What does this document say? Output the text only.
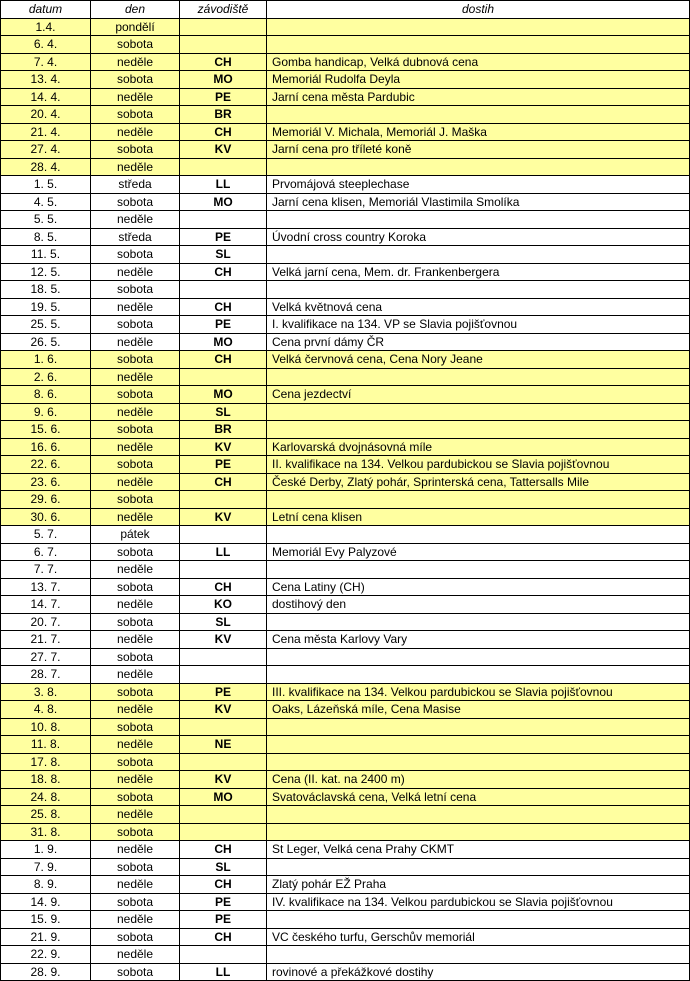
datum	den	závodiště	dostih
1.4.	pondělí		
6. 4.	sobota		
7. 4.	neděle	CH	Gomba handicap, Velká dubnová cena
13. 4.	sobota	MO	Memoriál Rudolfa Deyla
14. 4.	neděle	PE	Jarní cena města Pardubic
20. 4.	sobota	BR	
21. 4.	neděle	CH	Memoriál V. Michala, Memoriál J. Maška
27. 4.	sobota	KV	Jarní cena pro tříleté koně
28. 4.	neděle		
1. 5.	středa	LL	Prvomájová steeplechase
4. 5.	sobota	MO	Jarní cena klisen, Memoriál Vlastimila Smolíka
5. 5.	neděle		
8. 5.	středa	PE	Úvodní cross country Koroka
11. 5.	sobota	SL	
12. 5.	neděle	CH	Velká jarní cena, Mem. dr. Frankenbergera
18. 5.	sobota		
19. 5.	neděle	CH	Velká květnová cena
25. 5.	sobota	PE	I. kvalifikace na 134. VP se Slavia pojišťovnou
26. 5.	neděle	MO	Cena první dámy ČR
1. 6.	sobota	CH	Velká červnová cena, Cena Nory Jeane
2. 6.	neděle		
8. 6.	sobota	MO	Cena jezdectví
9. 6.	neděle	SL	
15. 6.	sobota	BR	
16. 6.	neděle	KV	Karlovarská dvojnásovná míle
22. 6.	sobota	PE	II. kvalifikace na 134. Velkou pardubickou se Slavia pojišťovnou
23. 6.	neděle	CH	České Derby, Zlatý pohár, Sprinterská cena, Tattersalls Mile
29. 6.	sobota		
30. 6.	neděle	KV	Letní cena klisen
5. 7.	pátek		
6. 7.	sobota	LL	Memoriál Evy Palyzové
7. 7.	neděle		
13. 7.	sobota	CH	Cena Latiny (CH)
14. 7.	neděle	KO	dostihový den
20. 7.	sobota	SL	
21. 7.	neděle	KV	Cena města Karlovy Vary
27. 7.	sobota		
28. 7.	neděle		
3. 8.	sobota	PE	III. kvalifikace na 134. Velkou pardubickou se Slavia pojišťovnou
4. 8.	neděle	KV	Oaks, Lázeňská míle, Cena Masise
10. 8.	sobota		
11. 8.	neděle	NE	
17. 8.	sobota		
18. 8.	neděle	KV	Cena (II. kat. na 2400 m)
24. 8.	sobota	MO	Svatováclavská cena, Velká letní cena
25. 8.	neděle		
31. 8.	sobota		
1. 9.	neděle	CH	St Leger, Velká cena Prahy CKMT
7. 9.	sobota	SL	
8. 9.	neděle	CH	Zlatý pohár EŽ Praha
14. 9.	sobota	PE	IV. kvalifikace na 134. Velkou pardubickou se Slavia pojišťovnou
15. 9.	neděle	PE	
21. 9.	sobota	CH	VC českého turfu, Gerschův memoriál
22. 9.	neděle		
28. 9.	sobota	LL	rovinové a překážkové dostihy
